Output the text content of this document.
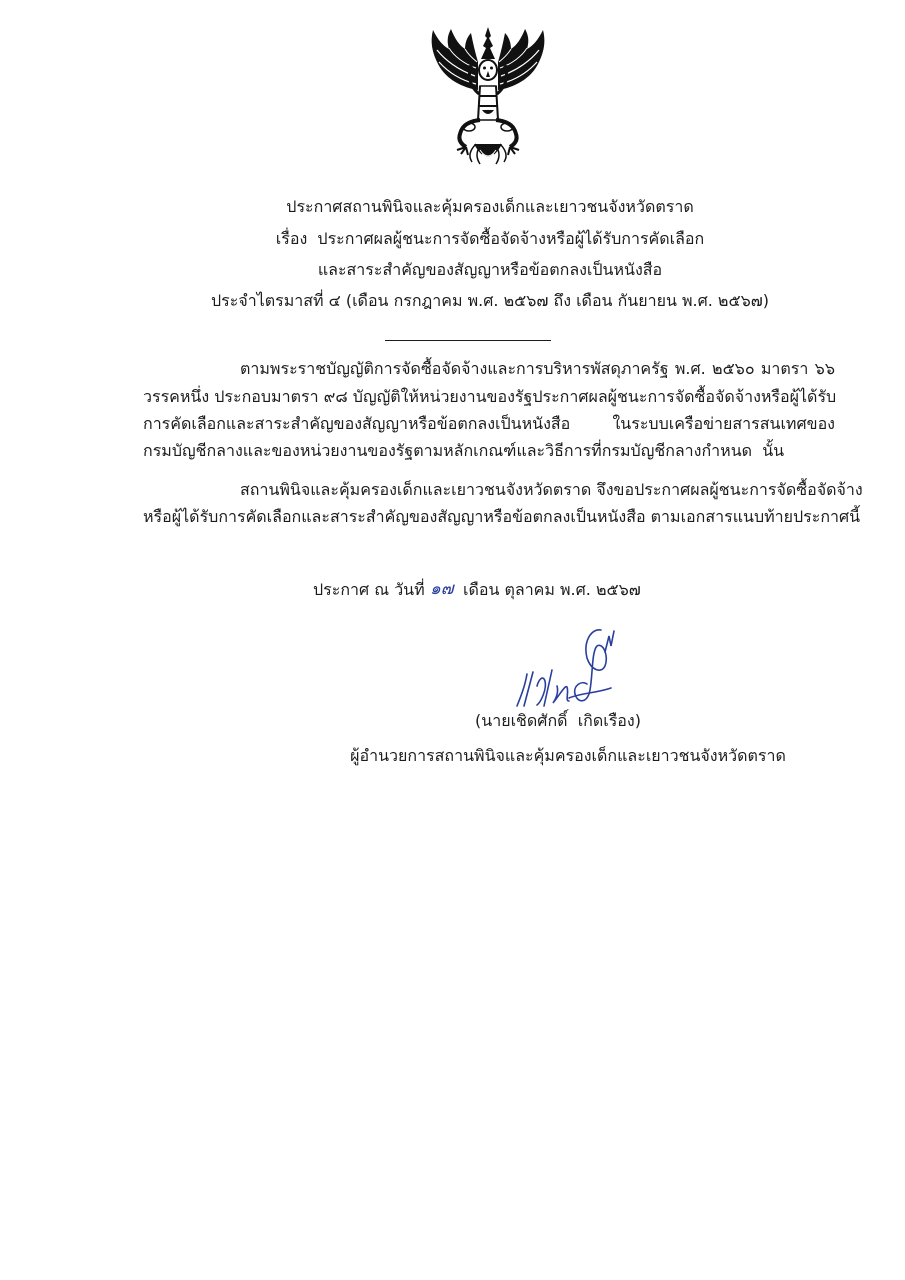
ประกาศสถานพินิจและคุ้มครองเด็กและเยาวชนจังหวัดตราด
เรื่อง ประกาศผลผู้ชนะการจัดซื้อจัดจ้างหรือผู้ได้รับการคัดเลือก
และสาระสำคัญของสัญญาหรือข้อตกลงเป็นหนังสือ
ประจำไตรมาสที่ ๔ (เดือน กรกฎาคม พ.ศ. ๒๕๖๗ ถึง เดือน กันยายน พ.ศ. ๒๕๖๗)
ตามพระราชบัญญัติการจัดซื้อจัดจ้างและการบริหารพัสดุภาครัฐ พ.ศ. ๒๕๖๐ มาตรา ๖๖
วรรคหนึ่ง ประกอบมาตรา ๙๘ บัญญัติให้หน่วยงานของรัฐประกาศผลผู้ชนะการจัดซื้อจัดจ้างหรือผู้ได้รับ
การคัดเลือกและสาระสำคัญของสัญญาหรือข้อตกลงเป็นหนังสือ ในระบบเครือข่ายสารสนเทศของ
กรมบัญชีกลางและของหน่วยงานของรัฐตามหลักเกณฑ์และวิธีการที่กรมบัญชีกลางกำหนด  นั้น
สถานพินิจและคุ้มครองเด็กและเยาวชนจังหวัดตราด จึงขอประกาศผลผู้ชนะการจัดซื้อจัดจ้าง
หรือผู้ได้รับการคัดเลือกและสาระสำคัญของสัญญาหรือข้อตกลงเป็นหนังสือ ตามเอกสารแนบท้ายประกาศนี้
ประกาศ ณ วันที่ ๑๗ เดือน ตุลาคม พ.ศ. ๒๕๖๗
(นายเชิดศักดิ์  เกิดเรือง)
ผู้อำนวยการสถานพินิจและคุ้มครองเด็กและเยาวชนจังหวัดตราด
